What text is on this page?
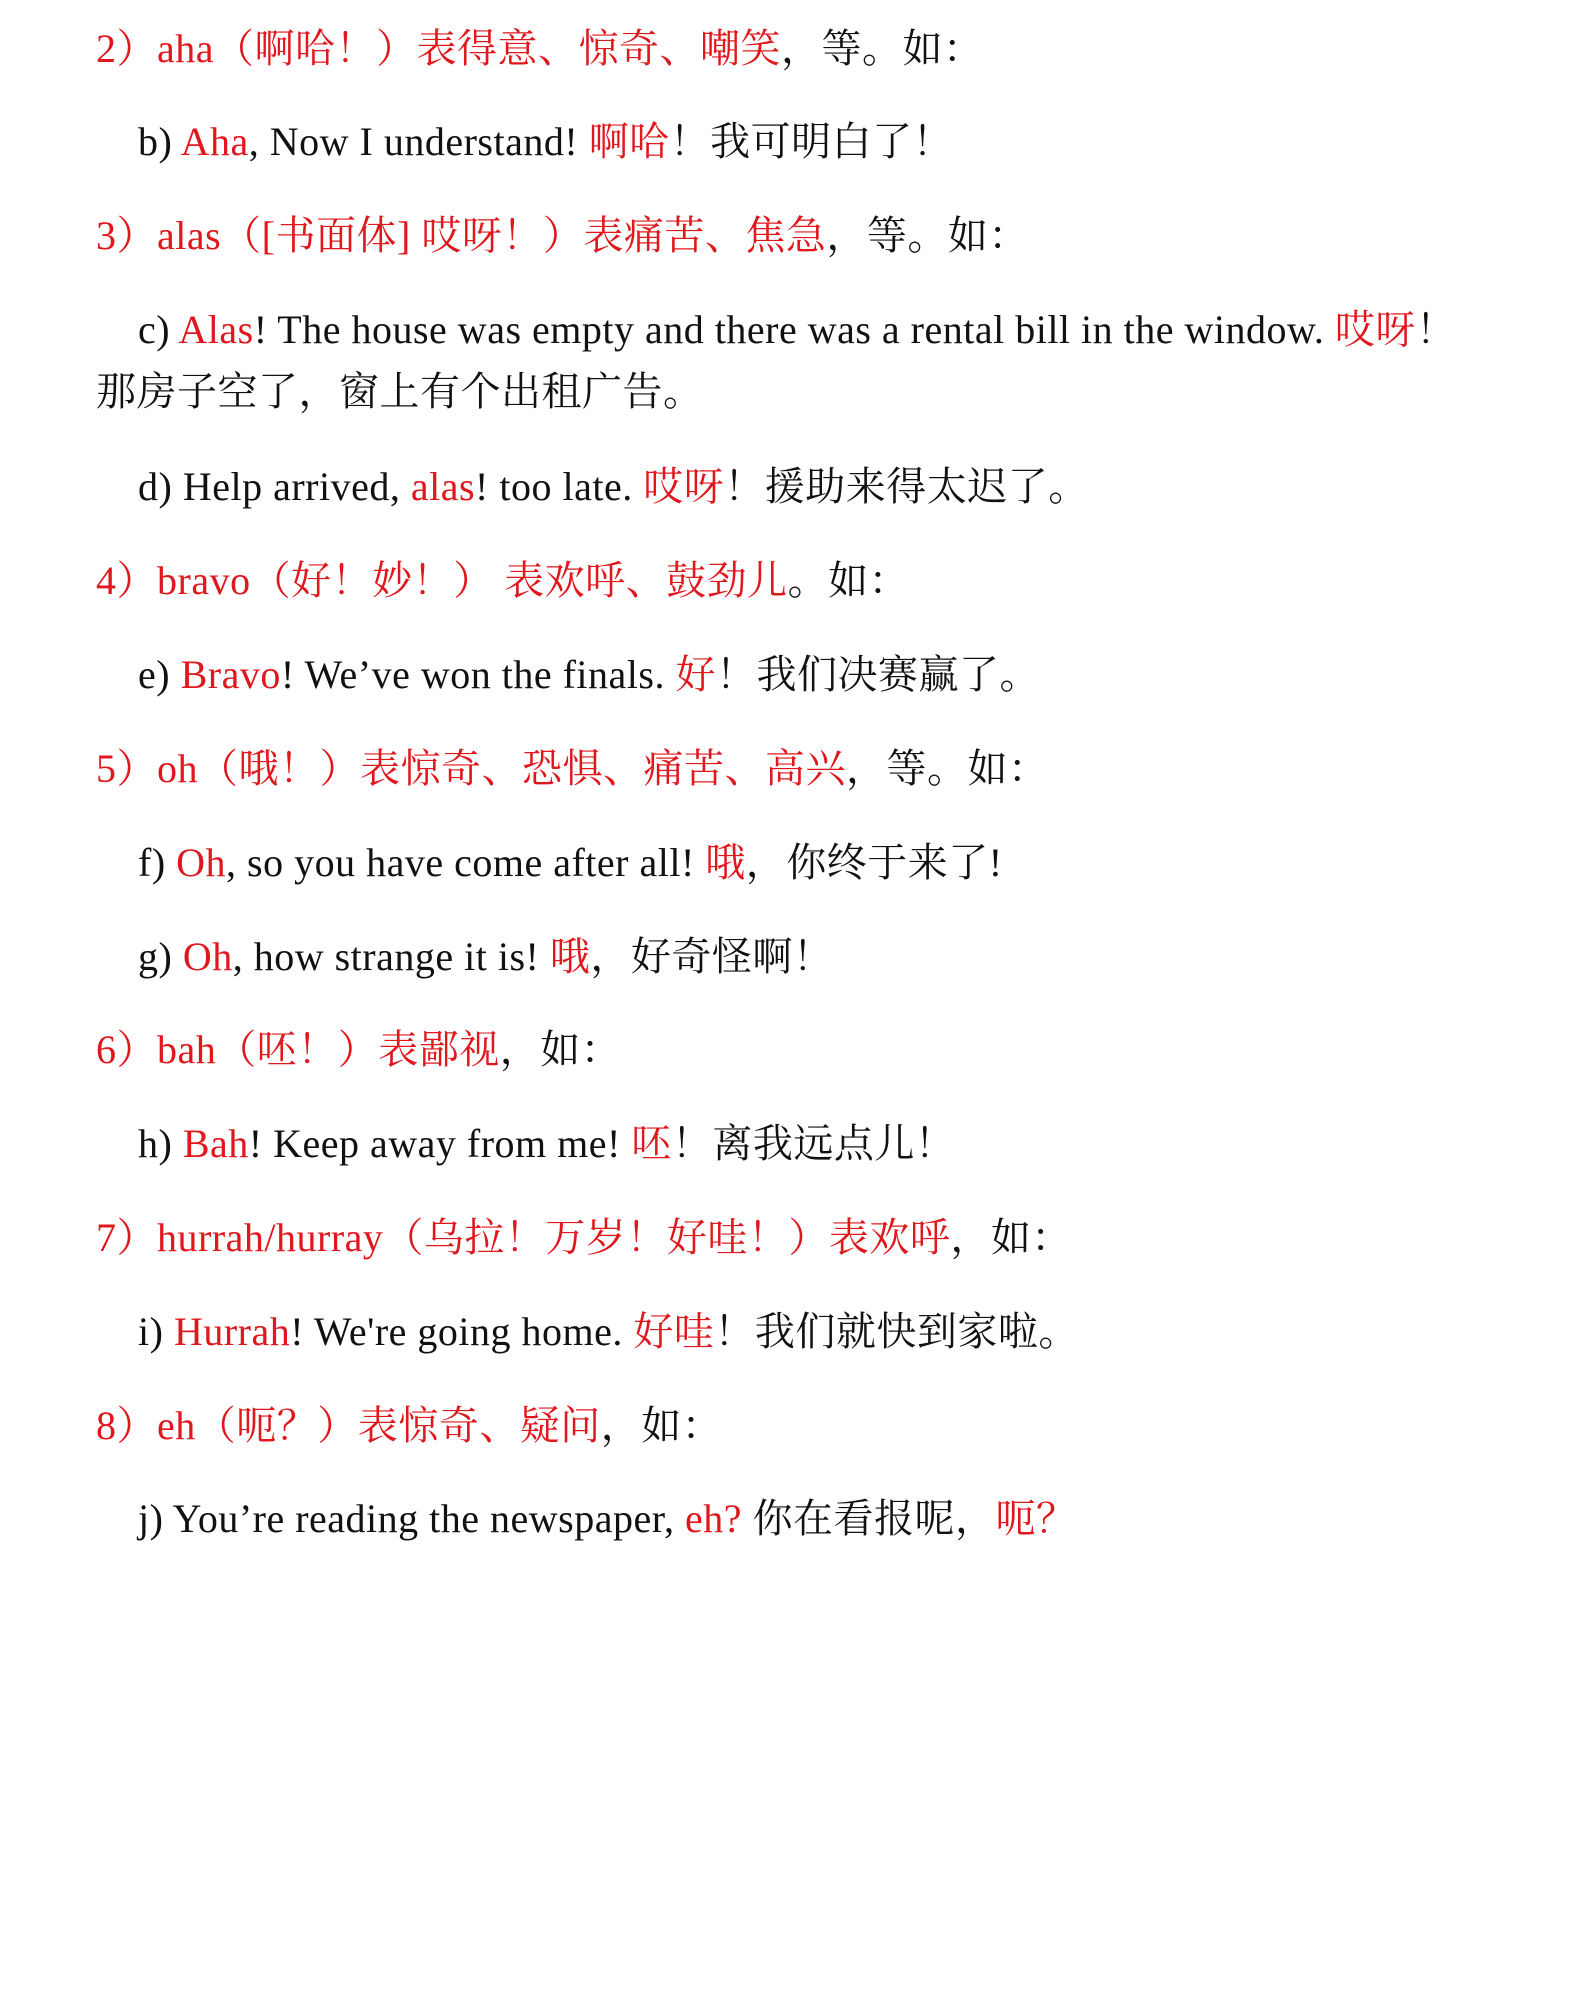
2）aha（啊哈！）表得意、惊奇、嘲笑，等。如：
b) Aha, Now I understand! 啊哈！我可明白了！
3）alas（[书面体] 哎呀！）表痛苦、焦急，等。如：
c) Alas! The house was empty and there was a rental bill in the window. 哎呀！
那房子空了，窗上有个出租广告。
d) Help arrived, alas! too late. 哎呀！援助来得太迟了。
4）bravo（好！妙！） 表欢呼、鼓劲儿。如：
e) Bravo! We’ve won the finals. 好！我们决赛赢了。
5）oh（哦！）表惊奇、恐惧、痛苦、高兴，等。如：
f) Oh, so you have come after all! 哦，你终于来了!
g) Oh, how strange it is! 哦，好奇怪啊！
6）bah（呸！）表鄙视，如：
h) Bah! Keep away from me! 呸！离我远点儿！
7）hurrah/hurray（乌拉！万岁！好哇！）表欢呼，如：
i) Hurrah! We're going home. 好哇！我们就快到家啦。
8）eh（呃？）表惊奇、疑问，如：
j) You’re reading the newspaper, eh? 你在看报呢，呃？
